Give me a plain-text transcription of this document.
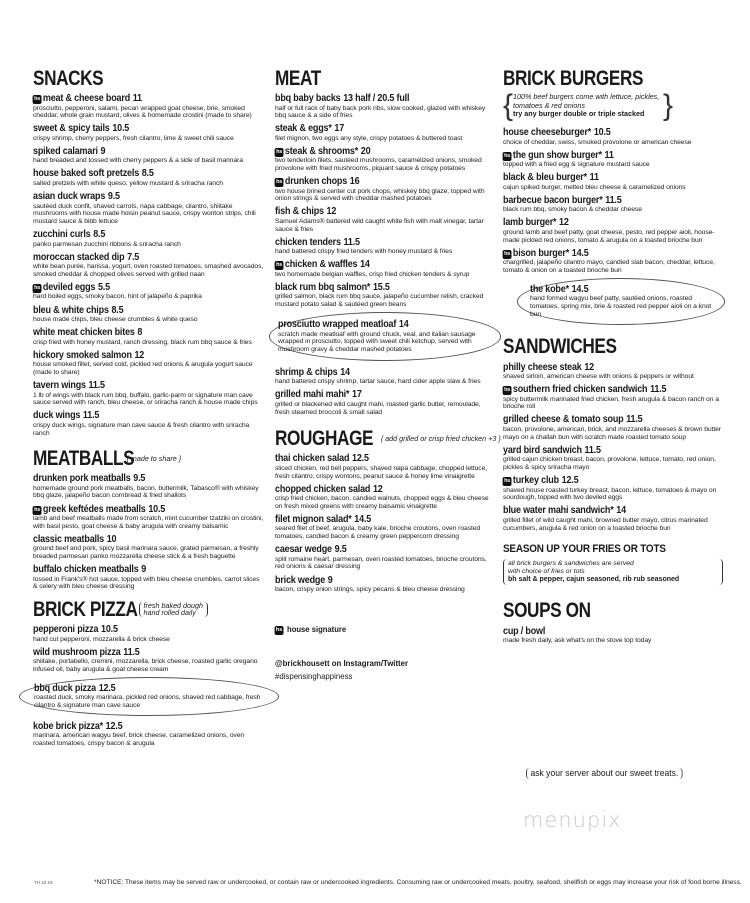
SNACKS
hs meat & cheese board 11
prosciutto, pepperoni, salami, pecan wrapped goat cheese, brie, smoked cheddar, whole grain mustard, olives & homemade crostini (made to share)
sweet & spicy tails 10.5
crispy shrimp, cherry peppers, fresh cilantro, lime & sweet chili sauce
spiked calamari 9
hand breaded and tossed with cherry peppers & a side of basil marinara
house baked soft pretzels 8.5
salted pretzels with white queso, yellow mustard & sriracha ranch
asian duck wraps 9.5
sautéed duck confit, shaved carrots, napa cabbage, cilantro, shiitake mushrooms with house made hoisin peanut sauce, crispy wonton strips, chili mustard sauce & bibb lettuce
zucchini curls 8.5
panko parmesan zucchini ribbons & sriracha ranch
moroccan stacked dip 7.5
white bean purée, harissa, yogurt, oven roasted tomatoes, smashed avocados, smoked cheddar & chopped olives served with grilled naan
hs deviled eggs 5.5
hard boiled eggs, smoky bacon, hint of jalapeño & paprika
bleu & white chips 8.5
house made chips, bleu cheese crumbles & white queso
white meat chicken bites 8
crisp fried with honey mustard, ranch dressing, black rum bbq sauce & fries
hickory smoked salmon 12
house smoked fillet, served cold, pickled red onions & arugula yogurt sauce (made to share)
tavern wings 11.5
1 lb of wings with black rum bbq, buffalo, garlic-parm or signature man cave sauce served with ranch, bleu cheese, or sriracha ranch & house made chips
duck wings 11.5
crispy duck wings, signature man cave sauce & fresh cilantro with sriracha ranch
MEATBALLS
{ made to share }
drunken pork meatballs 9.5
homemade ground pork meatballs, bacon, buttermilk, Tabasco® with whiskey bbq glaze, jalapeño bacon cornbread & fried shallots
hs greek keftédes meatballs 10.5
lamb and beef meatballs made from scratch, mint cucumber tzatziki on crostini, with basil pesto, goat cheese & baby arugula with creamy balsamic
classic meatballs 10
ground beef and pork, spicy basil marinara sauce, grated parmesan, a freshly breaded parmesan panko mozzarella cheese stick & a fresh baguette
buffalo chicken meatballs 9
tossed in Frank's® hot sauce, topped with bleu cheese crumbles, carrot slices & celery with bleu cheese dressing
BRICK PIZZA fresh baked dough
hand rolled daily
pepperoni pizza 10.5
hand cut pepperoni, mozzarella & brick cheese
wild mushroom pizza 11.5
shiitake, portabello, cremini, mozzarella, brick cheese, roasted garlic oregano infused oil, baby arugula & goat cheese cream
bbq duck pizza 12.5
roasted duck, smoky marinara, pickled red onions, shaved red cabbage, fresh cilantro & signature man cave sauce
kobe brick pizza* 12.5
marinara, american wagyu beef, brick cheese, caramelized onions, oven roasted tomatoes, crispy bacon & arugula
MEAT
bbq baby backs 13 half / 20.5 full
half or full rack of baby back pork ribs, slow cooked, glazed with whiskey bbq sauce & a side of fries
steak & eggs* 17
filet mignon, two eggs any style, crispy potatoes & buttered toast
hs steak & shrooms* 20
two tenderloin filets, sautéed mushrooms, caramelized onions, smoked provolone with fried mushrooms, piquant sauce & crispy potatoes
hs drunken chops 16
two house brined center cut pork chops, whiskey bbq glaze, topped with onion strings & served with cheddar mashed potatoes
fish & chips 12
Samuel Adams® battered wild caught white fish with malt vinegar, tartar sauce & fries
chicken tenders 11.5
hand battered crispy fried tenders with honey mustard & fries
hs chicken & waffles 14
two homemade belgian waffles, crisp fried chicken tenders & syrup
black rum bbq salmon* 15.5
grilled salmon, black rum bbq sauce, jalapeño cucumber relish, cracked mustard potato salad & sautéed green beans
prosciutto wrapped meatloaf 14
scratch made meatloaf with ground chuck, veal, and italian sausage wrapped in prosciutto, topped with sweet chili ketchup, served with mushroom gravy & cheddar mashed potatoes
shrimp & chips 14
hand battered crispy shrimp, tartar sauce, hard cider apple slaw & fries
grilled mahi mahi* 17
grilled or blackened wild caught mahi, roasted garlic butter, remoulade, fresh steamed broccoli & small salad
ROUGHAGE { add grilled or crisp fried chicken +3 }
thai chicken salad 12.5
sliced chicken, red bell peppers, shaved napa cabbage, chopped lettuce, fresh cilantro, crispy wontons, peanut sauce & honey lime vinaigrette
chopped chicken salad 12
crisp fried chicken, bacon, candied walnuts, chopped eggs & bleu cheese on fresh mixed greens with creamy balsamic vinaigrette
filet mignon salad* 14.5
seared filet of beef, arugula, baby kale, brioche croutons, oven roasted tomatoes, candied bacon & creamy green peppercorn dressing
caesar wedge 9.5
split romaine heart, parmesan, oven roasted tomatoes, brioche croutons, red onions & caesar dressing
brick wedge 9
bacon, crispy onion strings, spicy pecans & bleu cheese dressing
hs house signature
@brickhousett on Instagram/Twitter
#dispensinghappiness
BRICK BURGERS
{ 100% beef burgers come with lettuce, pickles, tomatoes & red onions
try any burger double or triple stacked }
house cheeseburger* 10.5
choice of cheddar, swiss, smoked provolone or american cheese
hs the gun show burger* 11
topped with a fried egg & signature mustard sauce
black & bleu burger* 11
cajun spiked burger, melted bleu cheese & caramelized onions
barbecue bacon burger* 11.5
black rum bbq, smoky bacon & cheddar cheese
lamb burger* 12
ground lamb and beef patty, goat cheese, pesto, red pepper aioli, house-made pickled red onions, tomato & arugula on a toasted brioche bun
hs bison burger* 14.5
chargrilled, jalapeño cilantro mayo, candied slab bacon, cheddar, lettuce, tomato & onion on a toasted brioche bun
the kobe* 14.5
hand formed wagyu beef patty, sautéed onions, roasted tomatoes, spring mix, brie & roasted red pepper aioli on a knot bun
SANDWICHES
philly cheese steak 12
shaved sirloin, american cheese with onions & peppers or without
hs southern fried chicken sandwich 11.5
spicy buttermilk marinated fried chicken, fresh arugula & bacon ranch on a brioche roll
grilled cheese & tomato soup 11.5
bacon, provolone, american, brick, and mozzarella cheeses & brown butter mayo on a challah bun with scratch made roasted tomato soup
yard bird sandwich 11.5
grilled cajun chicken breast, bacon, provolone, lettuce, tomato, red onion, pickles & spicy sriracha mayo
hs turkey club 12.5
shaved house roasted turkey breast, bacon, lettuce, tomatoes & mayo on sourdough, topped with two deviled eggs
blue water mahi sandwich* 14
grilled fillet of wild caught mahi, browned butter mayo, citrus marinated cucumbers, arugula & red onion on a toasted brioche bun
SEASON UP YOUR FRIES OR TOTS
all brick burgers & sandwiches are served
with choice of fries or tots
bh salt & pepper, cajun seasoned, rib rub seasoned
SOUPS ON
cup / bowl
made fresh daily, ask what's on the stove top today
ask your server about our sweet treats.
menupix
TH 10.19	*NOTICE: These items may be served raw or undercooked, or contain raw or undercooked ingredients. Consuming raw or undercooked meats, poultry, seafood, shellfish or eggs may increase your risk of food borne illness.
